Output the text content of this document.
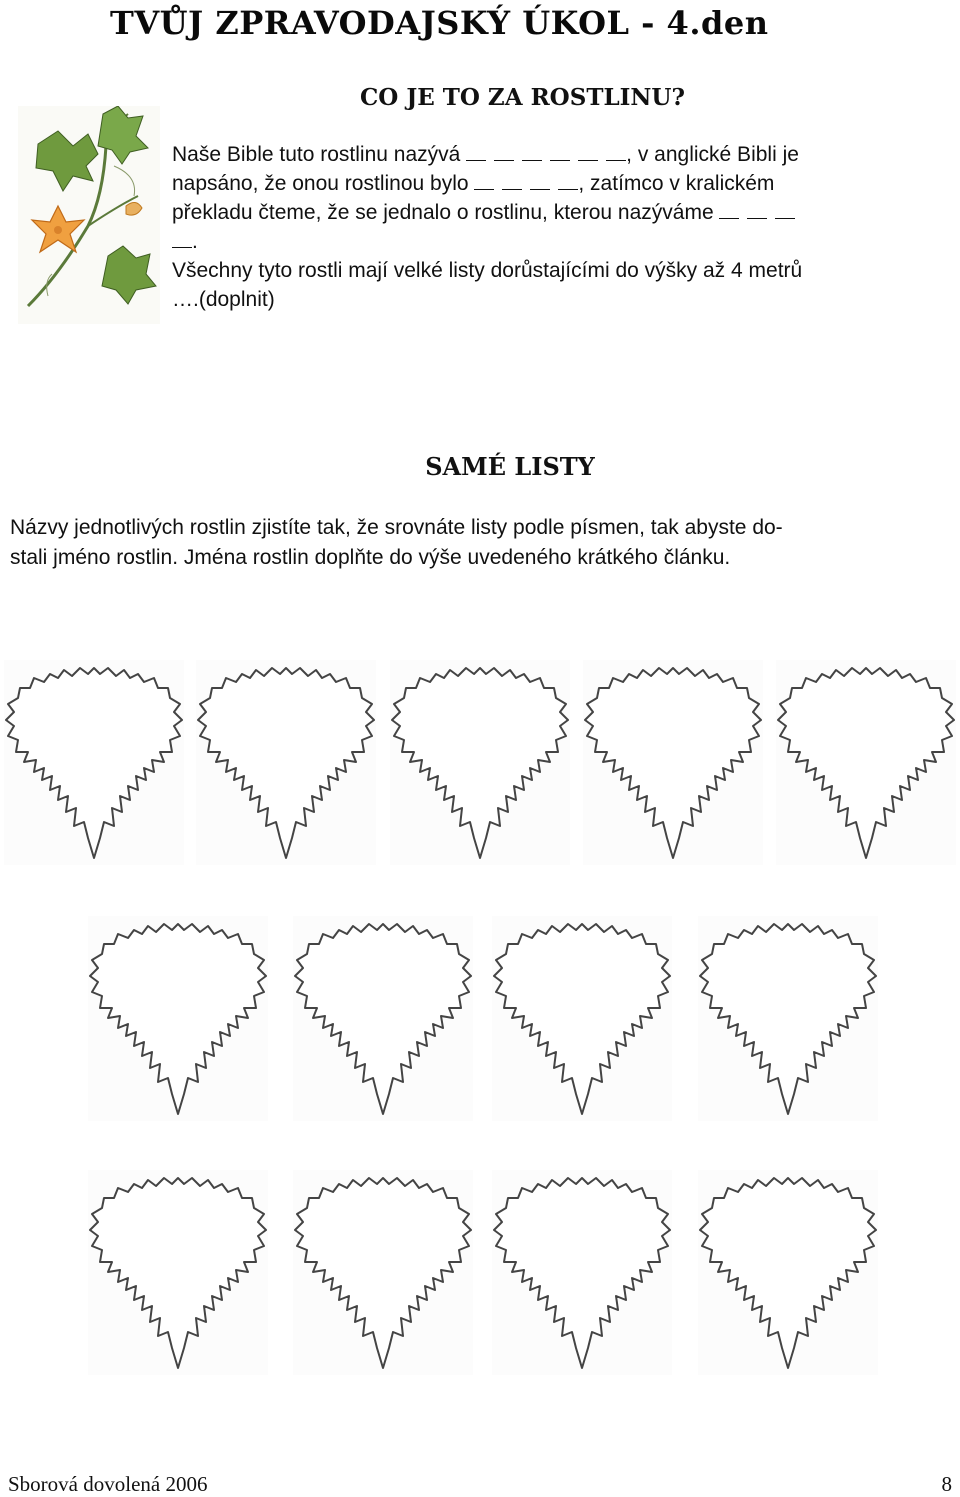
TVŮJ ZPRAVODAJSKÝ ÚKOL - 4.den
CO JE TO ZA ROSTLINU?
Naše Bible tuto rostlinu nazývá	, v anglické Bibli je
napsáno, že onou rostlinou bylo	, zatímco v kralickém
překladu čteme, že se jednalo o rostlinu, kterou nazýváme
.
Všechny tyto rostli mají velké listy dorůstajícími do výšky až 4 metrů
….(doplnit)
SAMÉ LISTY
Názvy jednotlivých rostlin zjistíte tak, že srovnáte listy podle písmen, tak abyste do-
stali jméno rostlin. Jména rostlin doplňte do výše uvedeného krátkého článku.
Sborová dovolená 2006	8
